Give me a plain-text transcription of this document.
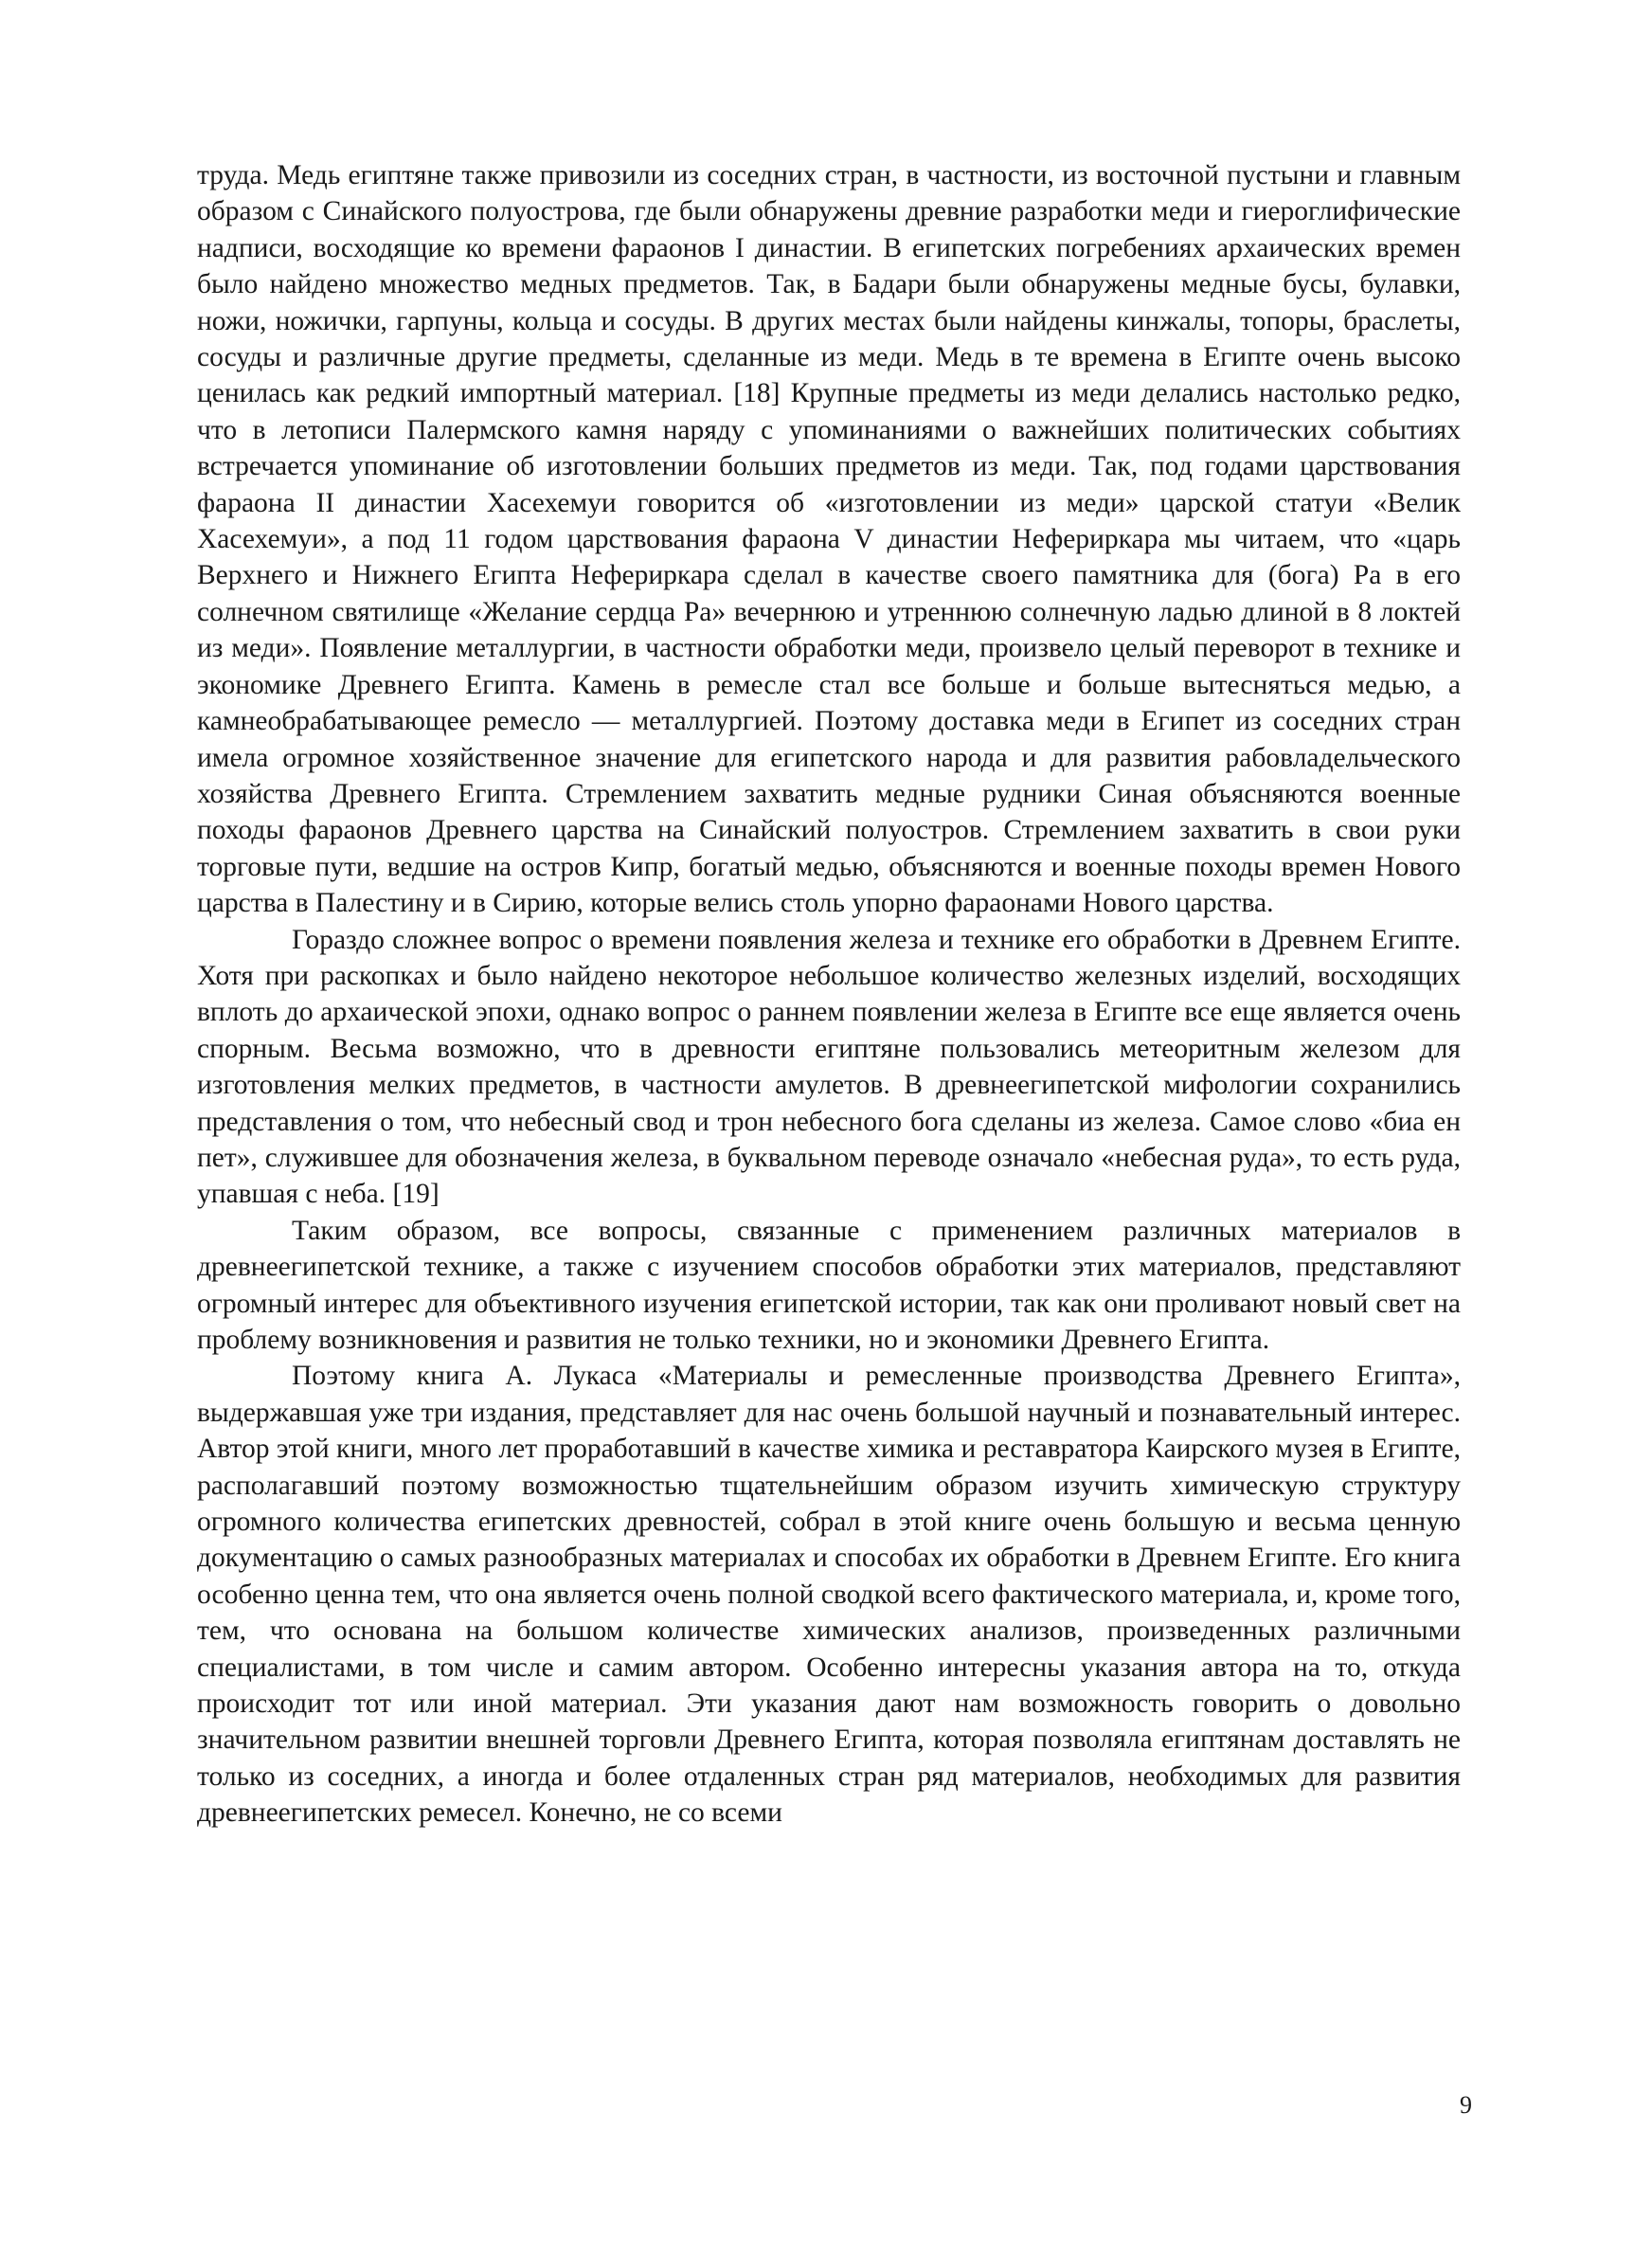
труда. Медь египтяне также привозили из соседних стран, в частности, из восточной пустыни и главным образом с Синайского полуострова, где были обнаружены древние разработки меди и гиероглифические надписи, восходящие ко времени фараонов I династии. В египетских погребениях архаических времен было найдено множество медных предметов. Так, в Бадари были обнаружены медные бусы, булавки, ножи, ножички, гарпуны, кольца и сосуды. В других местах были найдены кинжалы, топоры, браслеты, сосуды и различные другие предметы, сделанные из меди. Медь в те времена в Египте очень высоко ценилась как редкий импортный материал. [18] Крупные предметы из меди делались настолько редко, что в летописи Палермского камня наряду с упоминаниями о важнейших политических событиях встречается упоминание об изготовлении больших предметов из меди. Так, под годами царствования фараона II династии Хасехемуи говорится об «изготовлении из меди» царской статуи «Велик Хасехемуи», а под 11 годом царствования фараона V династии Нефериркара мы читаем, что «царь Верхнего и Нижнего Египта Нефериркара сделал в качестве своего памятника для (бога) Ра в его солнечном святилище «Желание сердца Ра» вечернюю и утреннюю солнечную ладью длиной в 8 локтей из меди». Появление металлургии, в частности обработки меди, произвело целый переворот в технике и экономике Древнего Египта. Камень в ремесле стал все больше и больше вытесняться медью, а камнеобрабатывающее ремесло — металлургией. Поэтому доставка меди в Египет из соседних стран имела огромное хозяйственное значение для египетского народа и для развития рабовладельческого хозяйства Древнего Египта. Стремлением захватить медные рудники Синая объясняются военные походы фараонов Древнего царства на Синайский полуостров. Стремлением захватить в свои руки торговые пути, ведшие на остров Кипр, богатый медью, объясняются и военные походы времен Нового царства в Палестину и в Сирию, которые велись столь упорно фараонами Нового царства.

Гораздо сложнее вопрос о времени появления железа и технике его обработки в Древнем Египте. Хотя при раскопках и было найдено некоторое небольшое количество железных изделий, восходящих вплоть до архаической эпохи, однако вопрос о раннем появлении железа в Египте все еще является очень спорным. Весьма возможно, что в древности египтяне пользовались метеоритным железом для изготовления мелких предметов, в частности амулетов. В древнеегипетской мифологии сохранились представления о том, что небесный свод и трон небесного бога сделаны из железа. Самое слово «биа ен пет», служившее для обозначения железа, в буквальном переводе означало «небесная руда», то есть руда, упавшая с неба. [19]

Таким образом, все вопросы, связанные с применением различных материалов в древнеегипетской технике, а также с изучением способов обработки этих материалов, представляют огромный интерес для объективного изучения египетской истории, так как они проливают новый свет на проблему возникновения и развития не только техники, но и экономики Древнего Египта.

Поэтому книга А. Лукаса «Материалы и ремесленные производства Древнего Египта», выдержавшая уже три издания, представляет для нас очень большой научный и познавательный интерес. Автор этой книги, много лет проработавший в качестве химика и реставратора Каирского музея в Египте, располагавший поэтому возможностью тщательнейшим образом изучить химическую структуру огромного количества египетских древностей, собрал в этой книге очень большую и весьма ценную документацию о самых разнообразных материалах и способах их обработки в Древнем Египте. Его книга особенно ценна тем, что она является очень полной сводкой всего фактического материала, и, кроме того, тем, что основана на большом количестве химических анализов, произведенных различными специалистами, в том числе и самим автором. Особенно интересны указания автора на то, откуда происходит тот или иной материал. Эти указания дают нам возможность говорить о довольно значительном развитии внешней торговли Древнего Египта, которая позволяла египтянам доставлять не только из соседних, а иногда и более отдаленных стран ряд материалов, необходимых для развития древнеегипетских ремесел. Конечно, не со всеми

9
